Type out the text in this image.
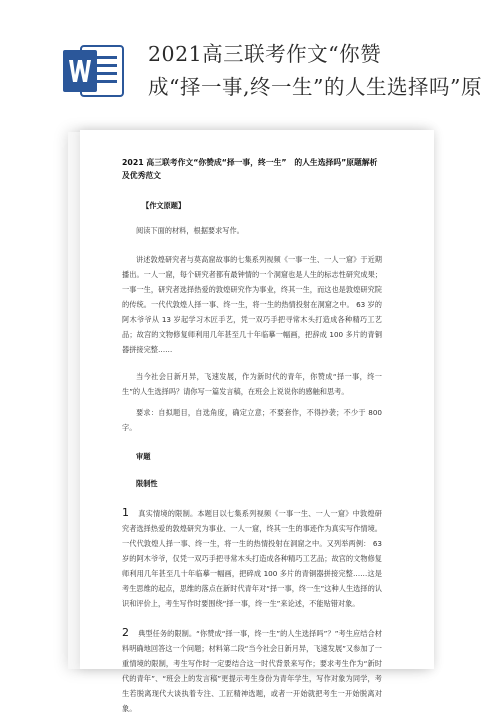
2021高三联考作文“你赞
成“择一事,终一生”的人生选择吗”原
2021 高三联考作文“你赞成“择一事，终一生”　的人生选择吗”原题解析及优秀范文
【作文原题】
阅读下面的材料，根据要求写作。
讲述敦煌研究者与莫高窟故事的七集系列视频《一事一生、一人一窟》于近期播出。一人一窟，每个研究者都有最钟情的一个洞窟也是人生的标志性研究成果；一事一生，研究者选择热爱的敦煌研究作为事业，终其一生，而这也是敦煌研究院的传统。一代代敦煌人择一事、终一生，将一生的热情投射在洞窟之中。 63 岁的阿木爷爷从 13 岁起学习木匠手艺，凭一双巧手把寻常木头打造成各种精巧工艺品；故宫的文物修复师利用几年甚至几十年临摹一幅画，把辞成 100 多片的青铜器拼接完整……
当今社会日新月异，飞速发展，作为新时代的青年，你赞成“择一事，终一生”的人生选择吗？请你写一篇发言稿，在班会上说说你的感触和思考。
要求：自拟题目，自选角度，确定立意；不要套作，不得抄袭；不少于 800 字。
审题
限制性
1 真实情境的限制。本题目以七集系列视频《一事一生、一人一窟》中敦煌研究者选择热爱的敦煌研究为事业、一人一窟，终其一生的事迹作为真实写作情境。一代代敦煌人择一事、终一生，将一生的热情投射在洞窟之中。又列举两例： 63 岁的阿木爷爷，仅凭一双巧手把寻常木头打造成各种精巧工艺品；故宫的文物修复师利用几年甚至几十年临摹一幅画，把碎成 100 多片的青铜器拼接完整……这是考生思维的起点，思维的落点在新时代青年对“择一事，终一生”这种人生选择的认识和评价上，考生写作时要围绕“择一事，终一生”来论述，不能贴错对象。
2 典型任务的限制。“你赞成“择一事，终一生”的人生选择吗”？”考生应结合材料明确地回答这一个问题；材料第二段“当今社会日新月异，飞速发展”又参加了一重情境的限制，考生写作时一定要结合这一时代背景来写作；要求考生作为“新时代的青年”、“班会上的发言稿”更提示考生身份为青年学生，写作对象为同学，考生若脱离现代大谈执着专注、工匠精神选题，或者一开始就把考生一开始脱离对象。
